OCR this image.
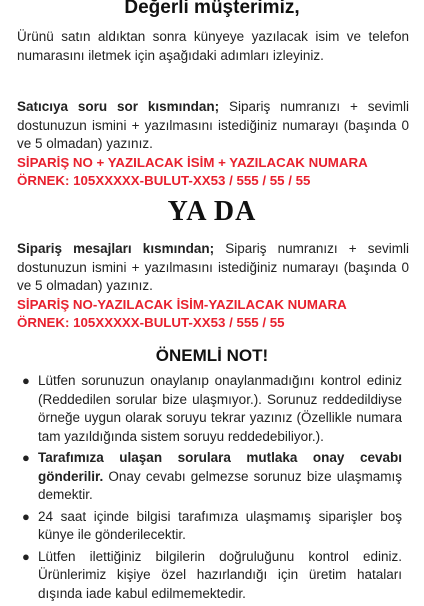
Değerli müşterimiz,
Ürünü satın aldıktan sonra künyeye yazılacak isim ve telefon numarasını iletmek için aşağıdaki adımları izleyiniz.
Satıcıya soru sor kısmından; Sipariş numranızı + sevimli dostunuzun ismini + yazılmasını istediğiniz numarayı (başında 0 ve 5 olmadan) yazınız.
SİPARİŞ NO + YAZILACAK İSİM + YAZILACAK NUMARA
ÖRNEK: 105XXXXX-BULUT-XX53 / 555 / 55 / 55
YA DA
Sipariş mesajları kısmından; Sipariş numranızı + sevimli dostunuzun ismini + yazılmasını istediğiniz numarayı (başında 0 ve 5 olmadan) yazınız.
SİPARİŞ NO-YAZILACAK İSİM-YAZILACAK NUMARA
ÖRNEK: 105XXXXX-BULUT-XX53 / 555 / 55
ÖNEMLİ NOT!
● Lütfen sorunuzun onaylanıp onaylanmadığını kontrol ediniz (Reddedilen sorular bize ulaşmıyor.). Sorunuz reddedildiyse örneğe uygun olarak soruyu tekrar yazınız (Özellikle numara tam yazıldığında sistem soruyu reddedebiliyor.).
● Tarafımıza ulaşan sorulara mutlaka onay cevabı gönderilir. Onay cevabı gelmezse sorunuz bize ulaşmamış demektir.
● 24 saat içinde bilgisi tarafımıza ulaşmamış siparişler boş künye ile gönderilecektir.
● Lütfen ilettiğiniz bilgilerin doğruluğunu kontrol ediniz. Ürünlerimiz kişiye özel hazırlandığı için üretim hataları dışında iade kabul edilmemektedir.
